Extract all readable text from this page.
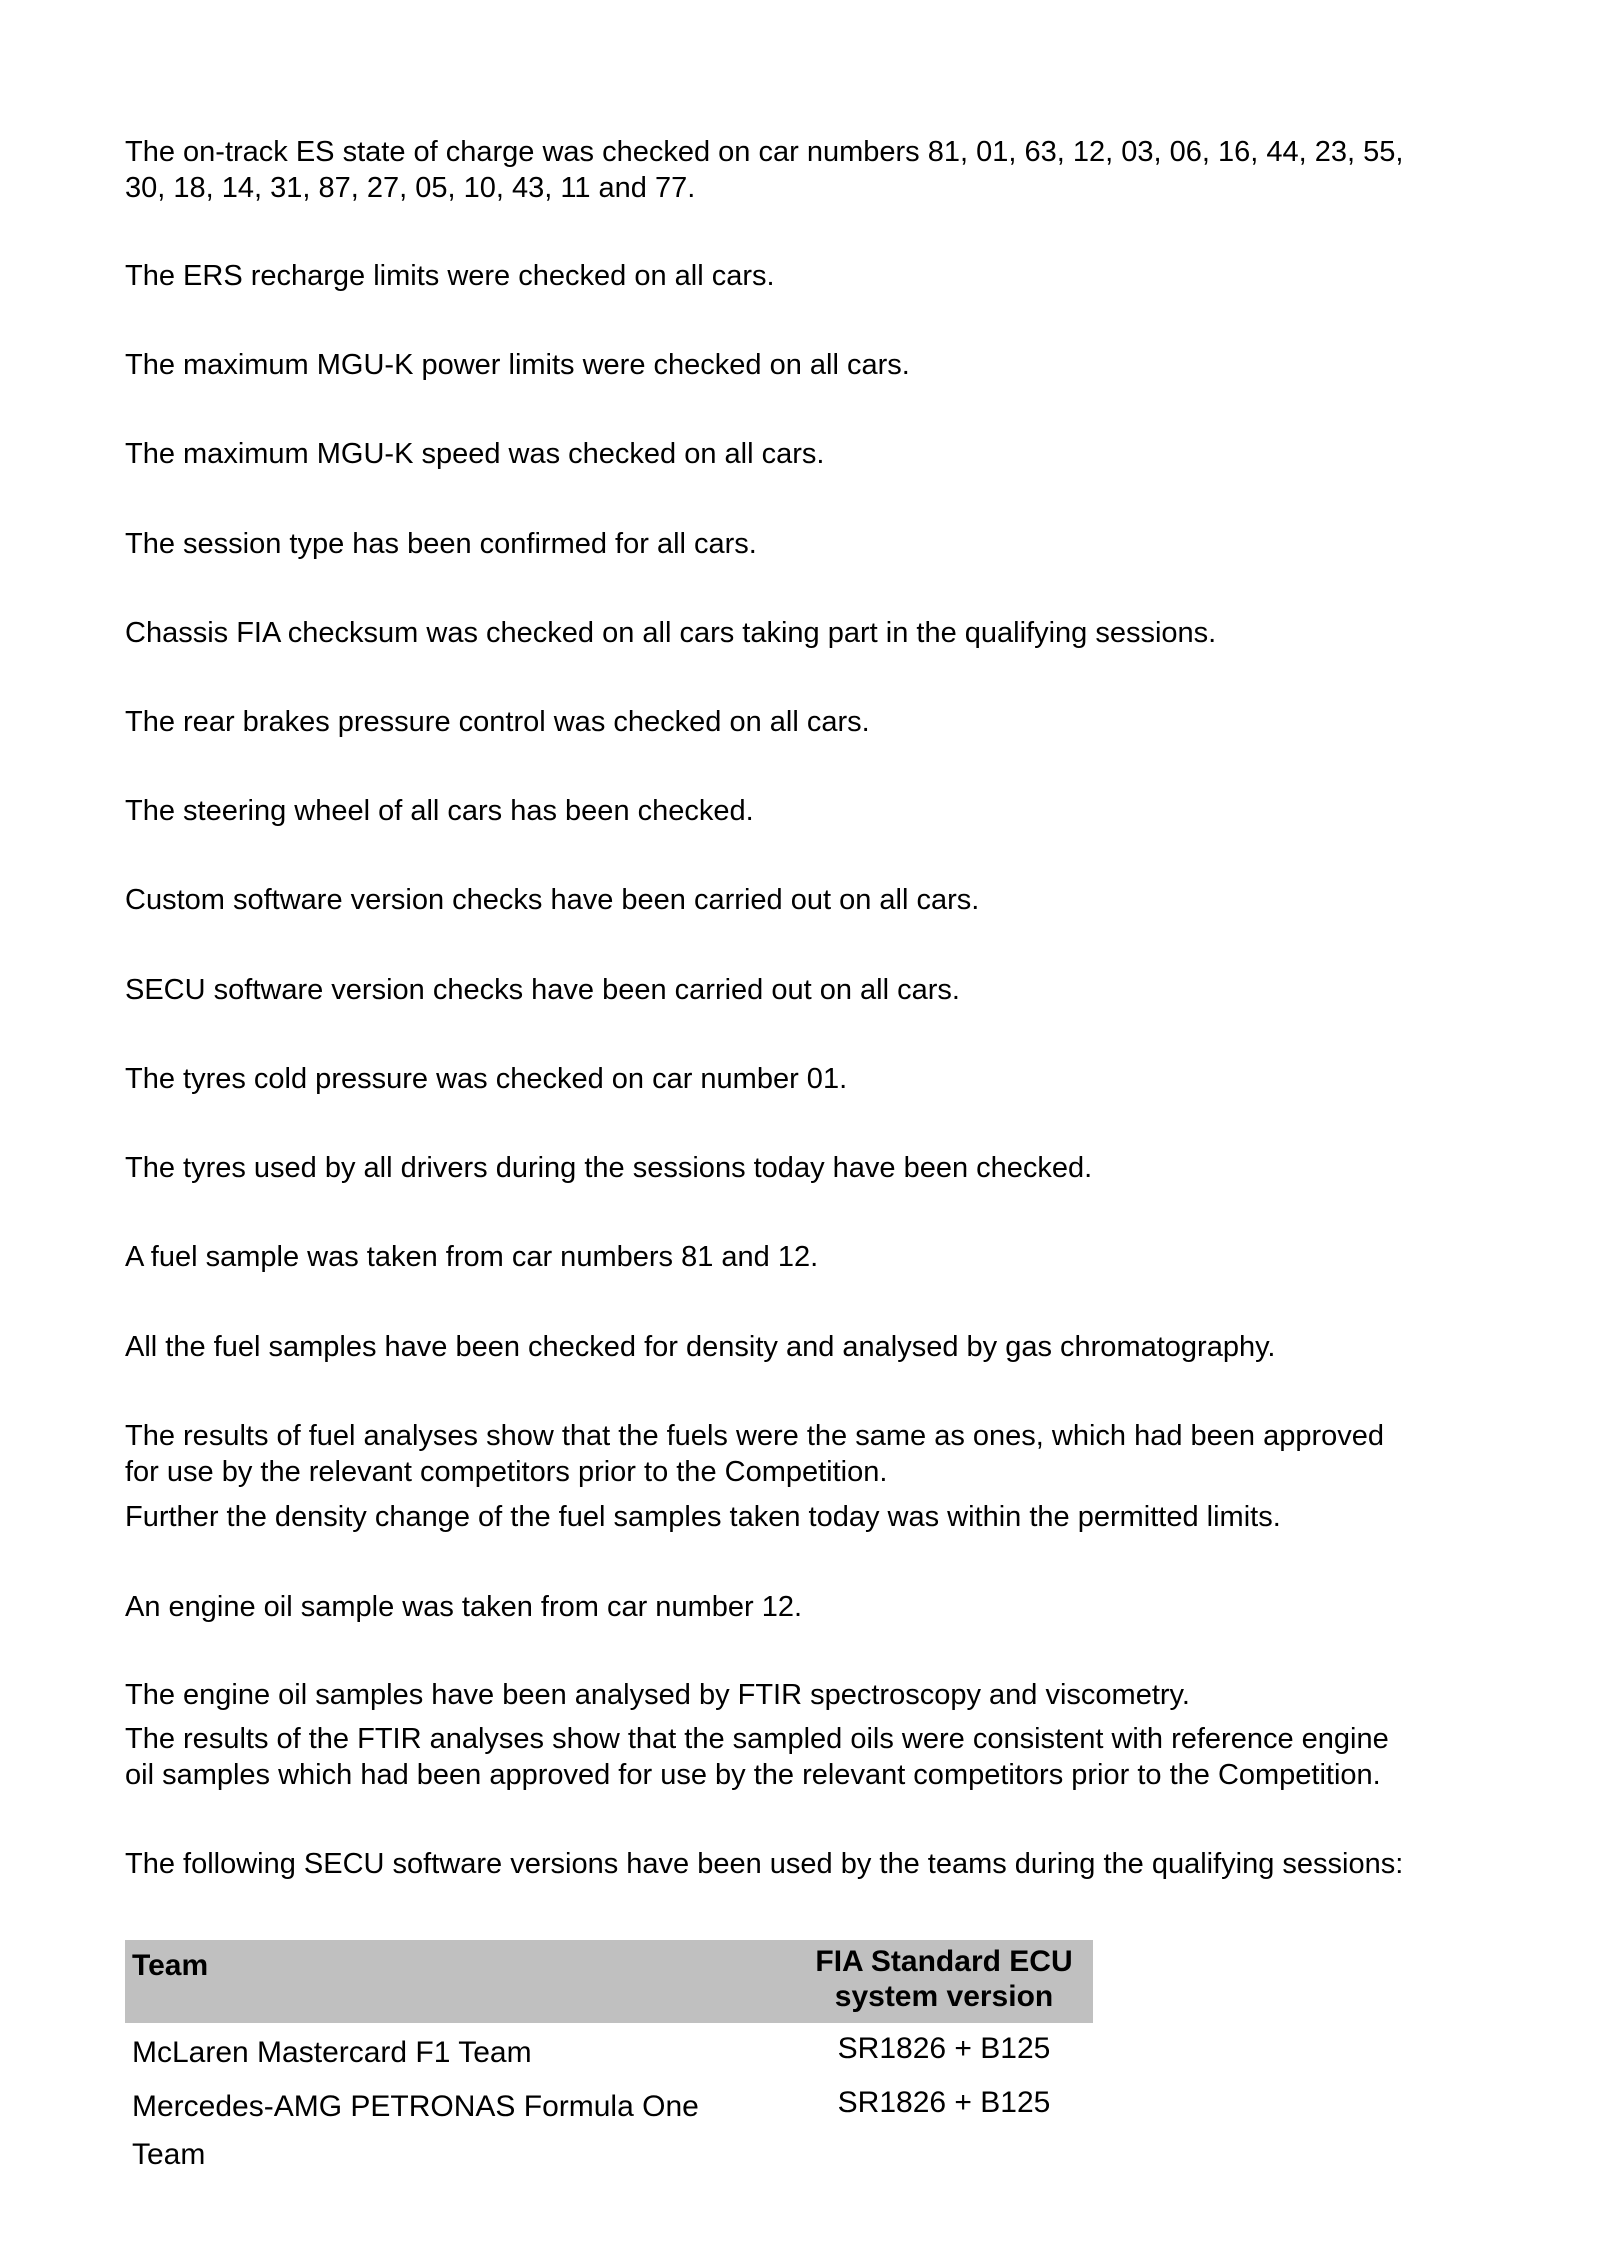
The on-track ES state of charge was checked on car numbers 81, 01, 63, 12, 03, 06, 16, 44, 23, 55,
30, 18, 14, 31, 87, 27, 05, 10, 43, 11 and 77.

The ERS recharge limits were checked on all cars.

The maximum MGU-K power limits were checked on all cars.

The maximum MGU-K speed was checked on all cars.

The session type has been confirmed for all cars.

Chassis FIA checksum was checked on all cars taking part in the qualifying sessions.

The rear brakes pressure control was checked on all cars.

The steering wheel of all cars has been checked.

Custom software version checks have been carried out on all cars.

SECU software version checks have been carried out on all cars.

The tyres cold pressure was checked on car number 01.

The tyres used by all drivers during the sessions today have been checked.

A fuel sample was taken from car numbers 81 and 12.

All the fuel samples have been checked for density and analysed by gas chromatography.

The results of fuel analyses show that the fuels were the same as ones, which had been approved
for use by the relevant competitors prior to the Competition.

Further the density change of the fuel samples taken today was within the permitted limits.

An engine oil sample was taken from car number 12.

The engine oil samples have been analysed by FTIR spectroscopy and viscometry.

The results of the FTIR analyses show that the sampled oils were consistent with reference engine
oil samples which had been approved for use by the relevant competitors prior to the Competition.

The following SECU software versions have been used by the teams during the qualifying sessions:

Team	FIA Standard ECU
system version
McLaren Mastercard F1 Team	SR1826 + B125
Mercedes-AMG PETRONAS Formula One Team
SR1826 + B125
